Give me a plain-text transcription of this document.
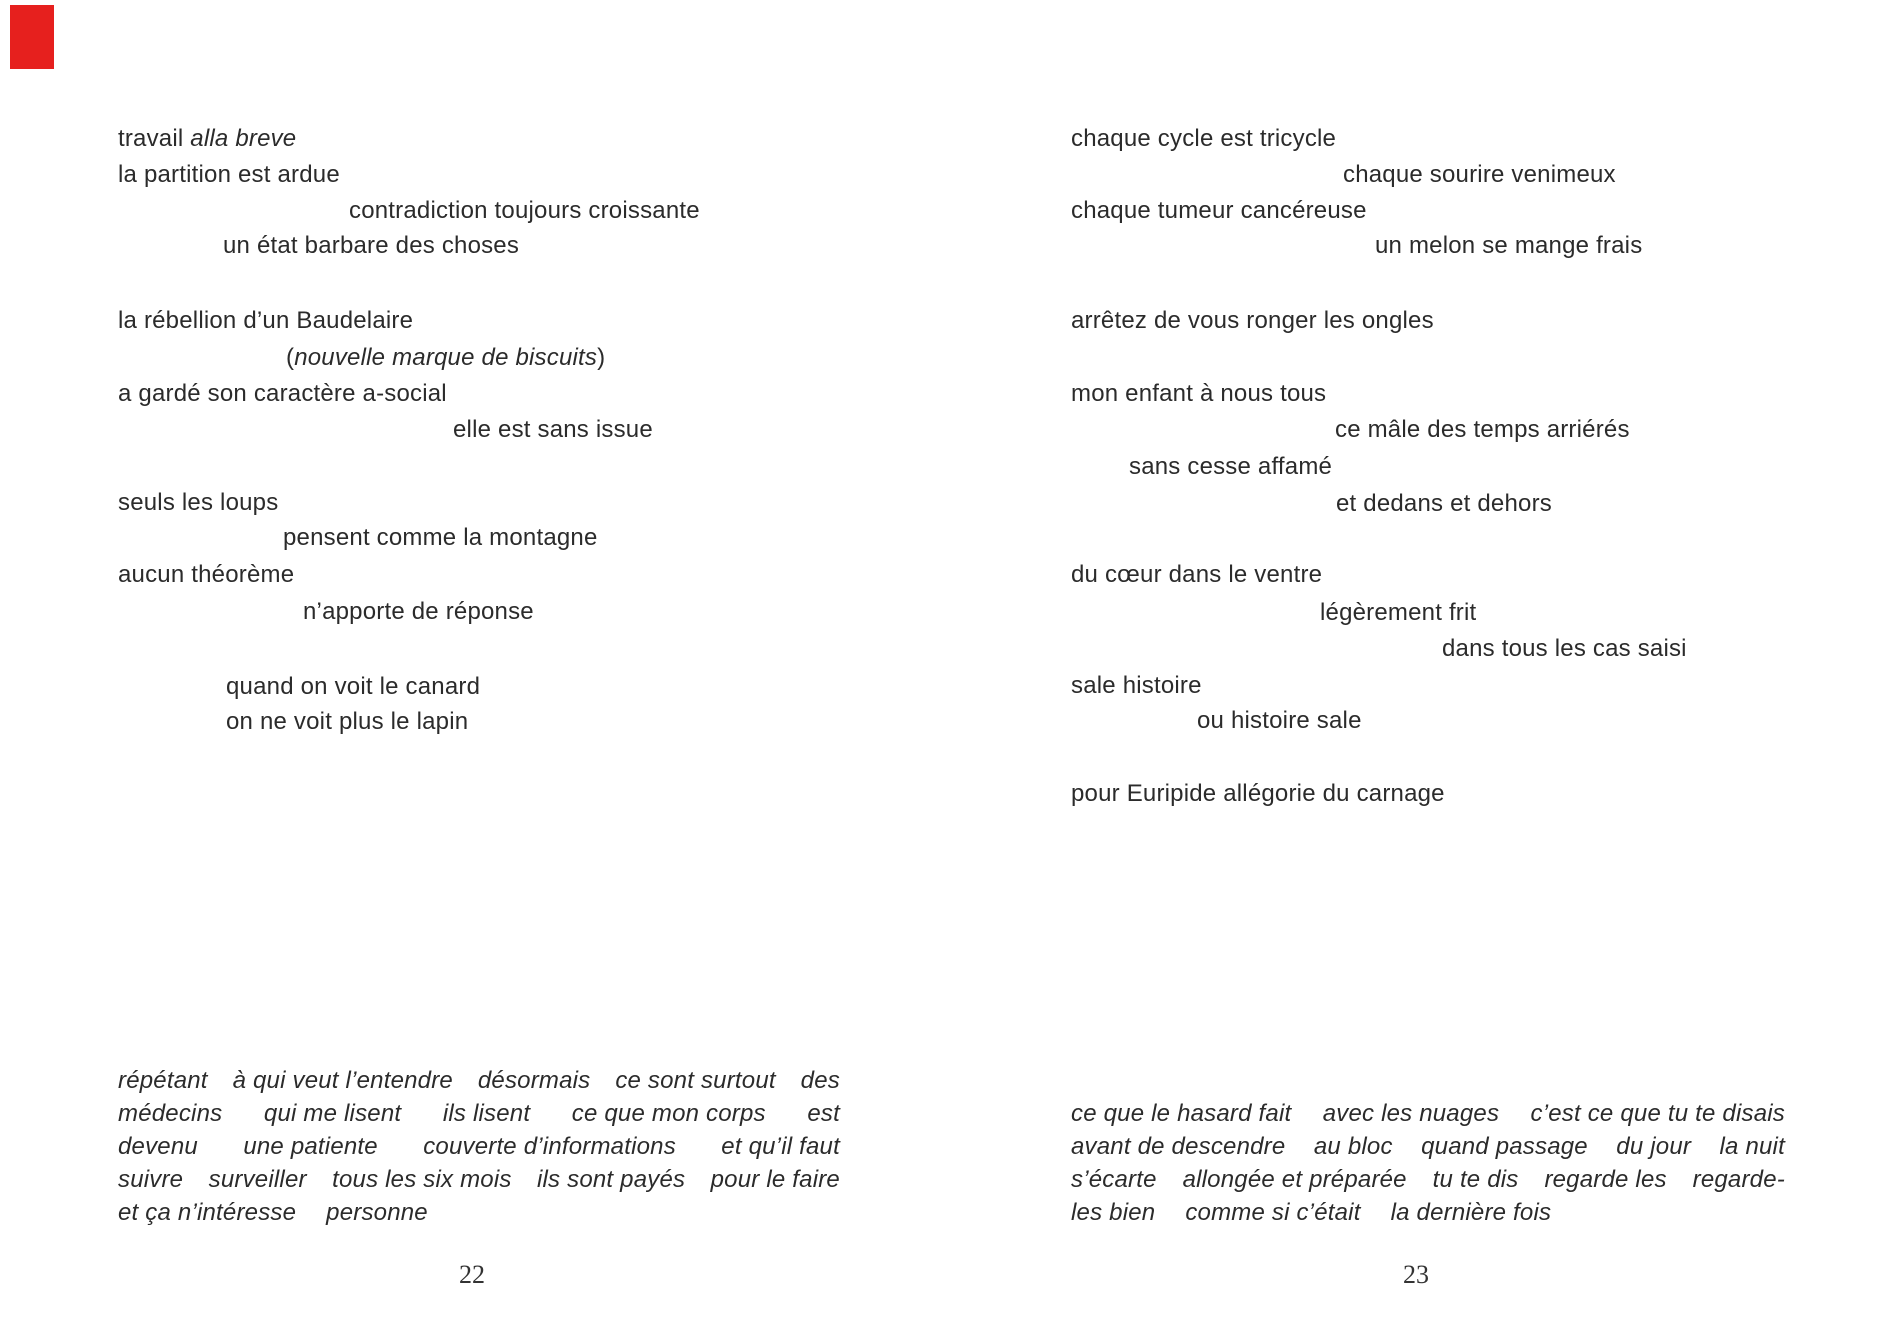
22	23
travail alla breve
la partition est ardue
contradiction toujours croissante
un état barbare des choses
la rébellion d’un Baudelaire
(nouvelle marque de biscuits)
a gardé son caractère a-social
elle est sans issue
seuls les loups
pensent comme la montagne
aucun théorème
n’apporte de réponse
quand on voit le canard
on ne voit plus le lapin
répétant à qui veut l’entendre désormais ce sont surtout des
médecins qui me lisent ils lisent ce que mon corps est
devenu une patiente couverte d’informations et qu’il faut
suivre surveiller tous les six mois ils sont payés pour le faire
et ça n’intéresse personne
chaque cycle est tricycle
chaque sourire venimeux
chaque tumeur cancéreuse
un melon se mange frais
arrêtez de vous ronger les ongles
mon enfant à nous tous
ce mâle des temps arriérés
sans cesse affamé
et dedans et dehors
du cœur dans le ventre
légèrement frit
dans tous les cas saisi
sale histoire
ou histoire sale
pour Euripide allégorie du carnage
ce que le hasard fait avec les nuages c’est ce que tu te disais
avant de descendre au bloc quand passage du jour la nuit
s’écarte allongée et préparée tu te dis regarde les regarde-
les bien comme si c’était la dernière fois
